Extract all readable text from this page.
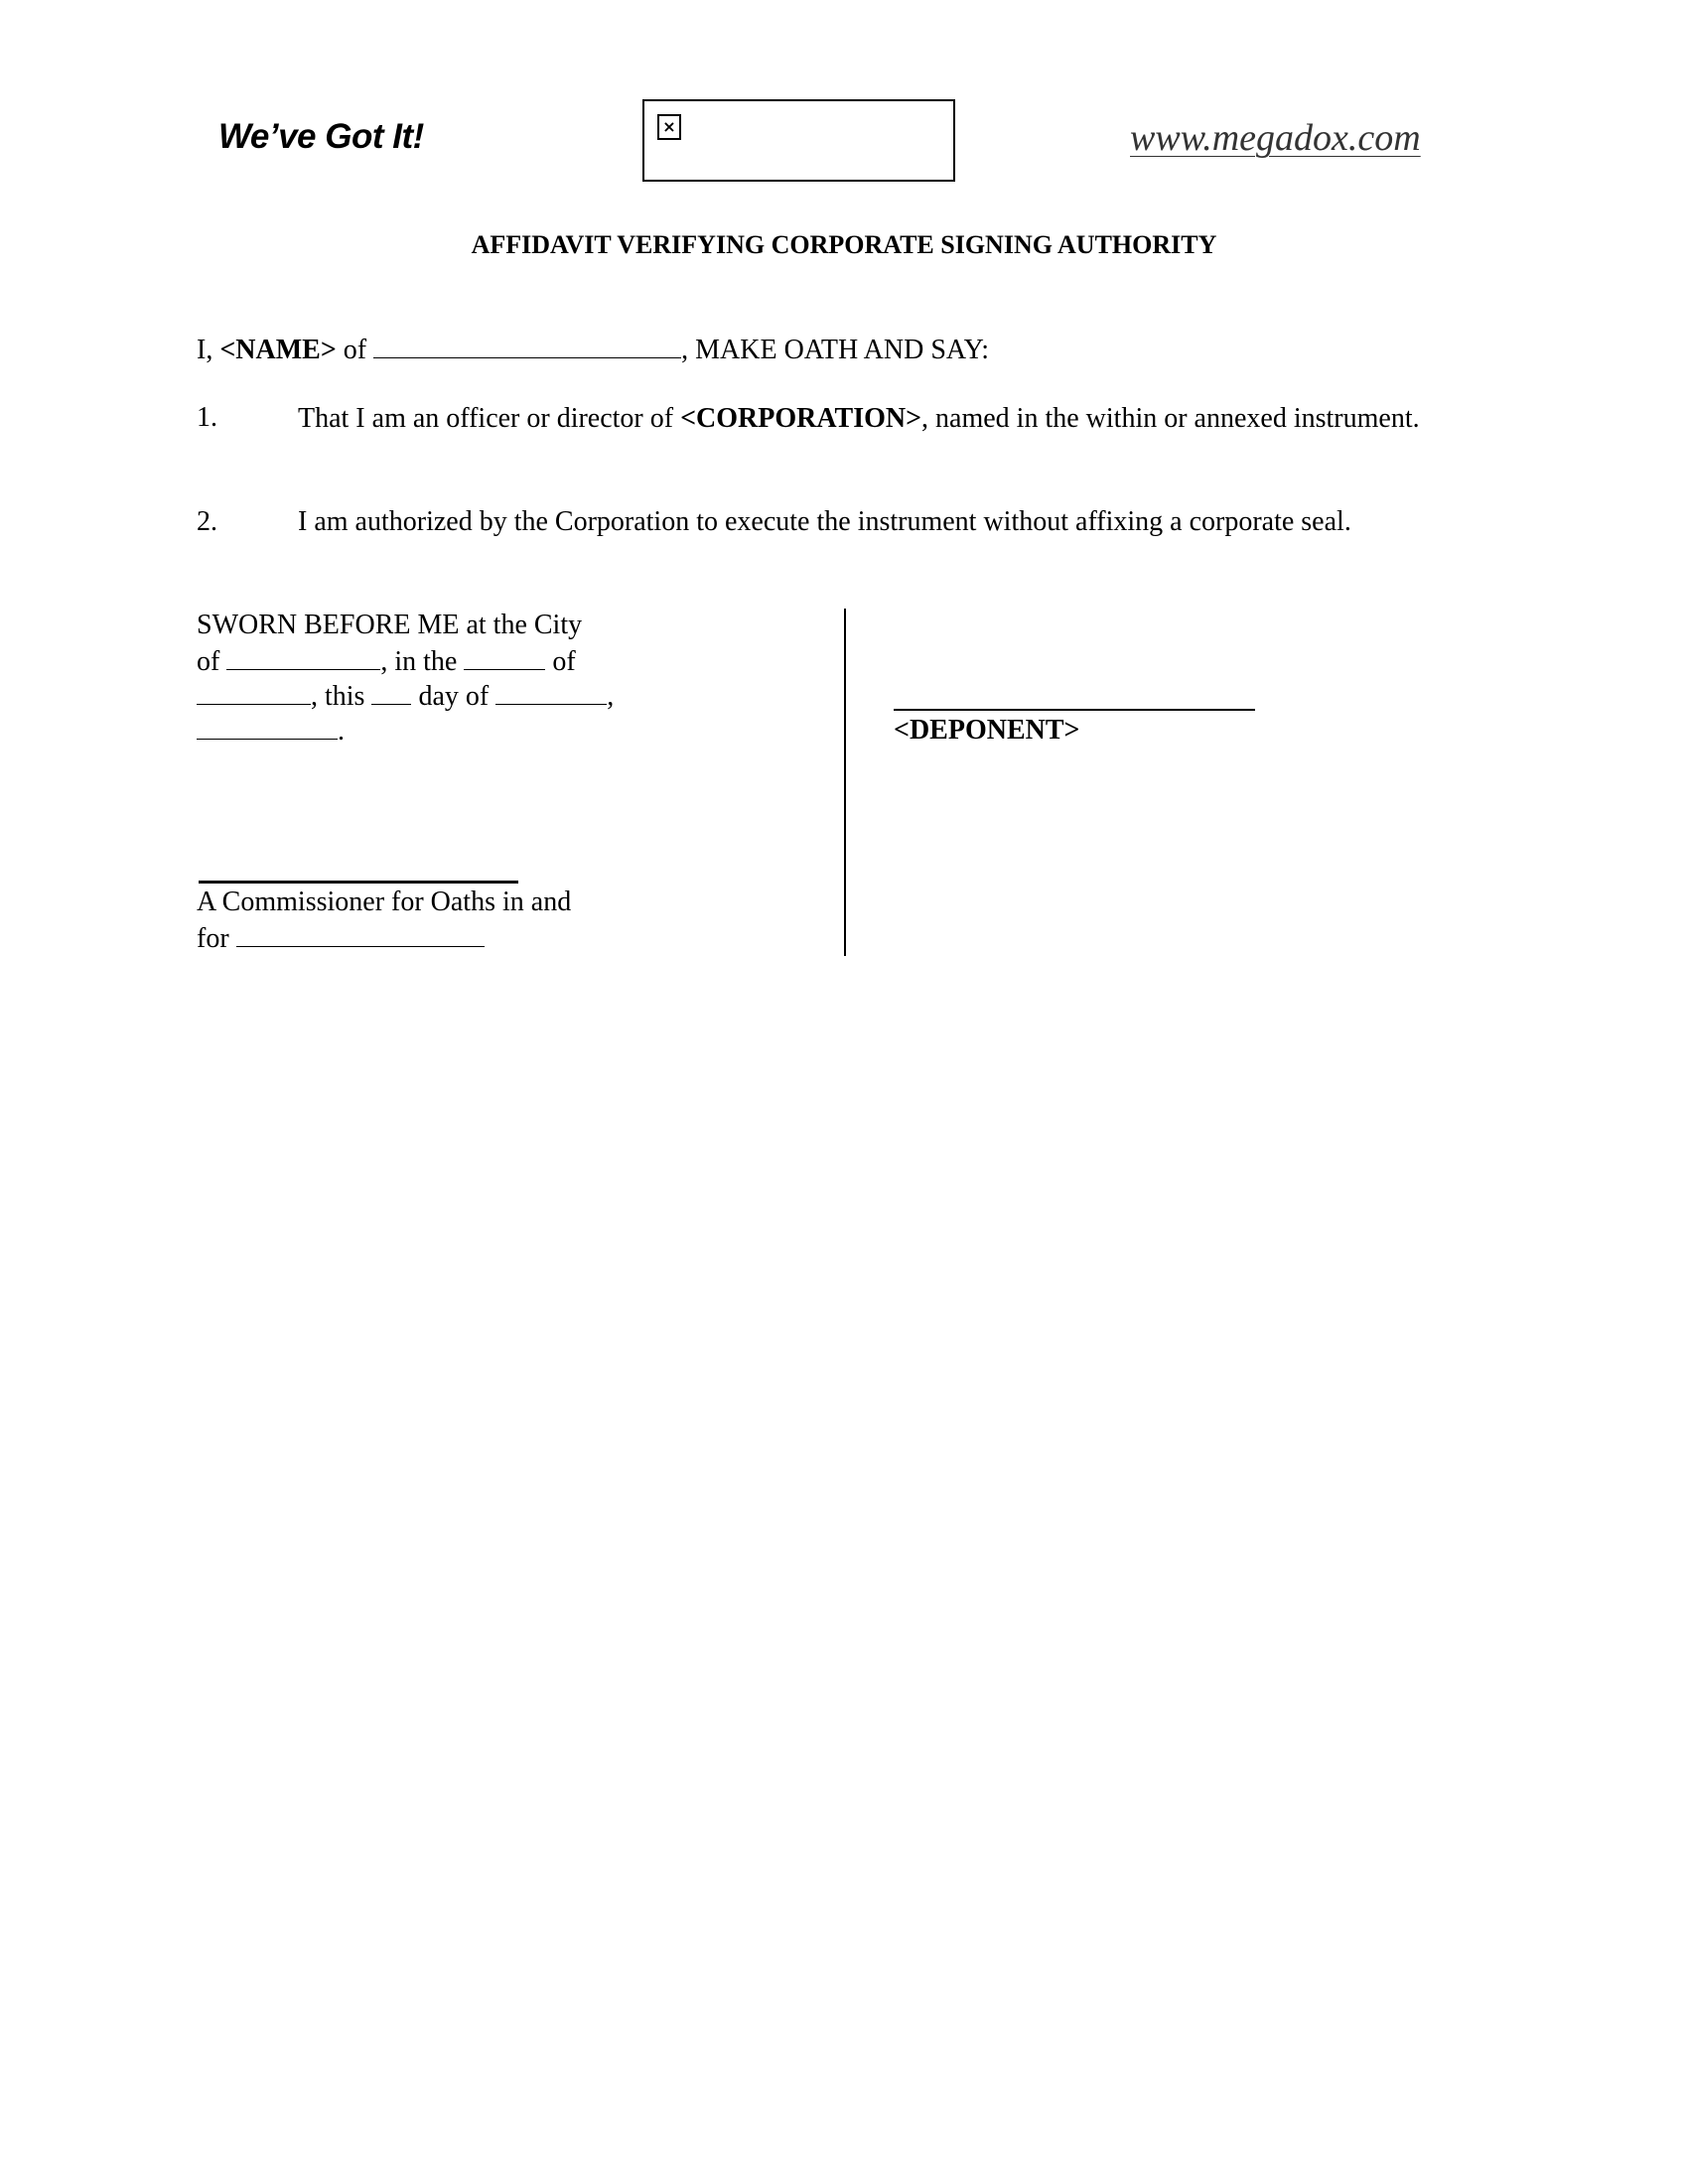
We’ve Got It!	×	www.megadox.com
AFFIDAVIT VERIFYING CORPORATE SIGNING AUTHORITY
I, <NAME> of	, MAKE OATH AND SAY:
1.	That I am an officer or director of <CORPORATION>, named in the within or annexed instrument.
2.	I am authorized by the Corporation to execute the instrument without affixing a corporate seal.
SWORN BEFORE ME at the City
of	, in the	of
, this day of	,
.
A Commissioner for Oaths in and
for
<DEPONENT>
